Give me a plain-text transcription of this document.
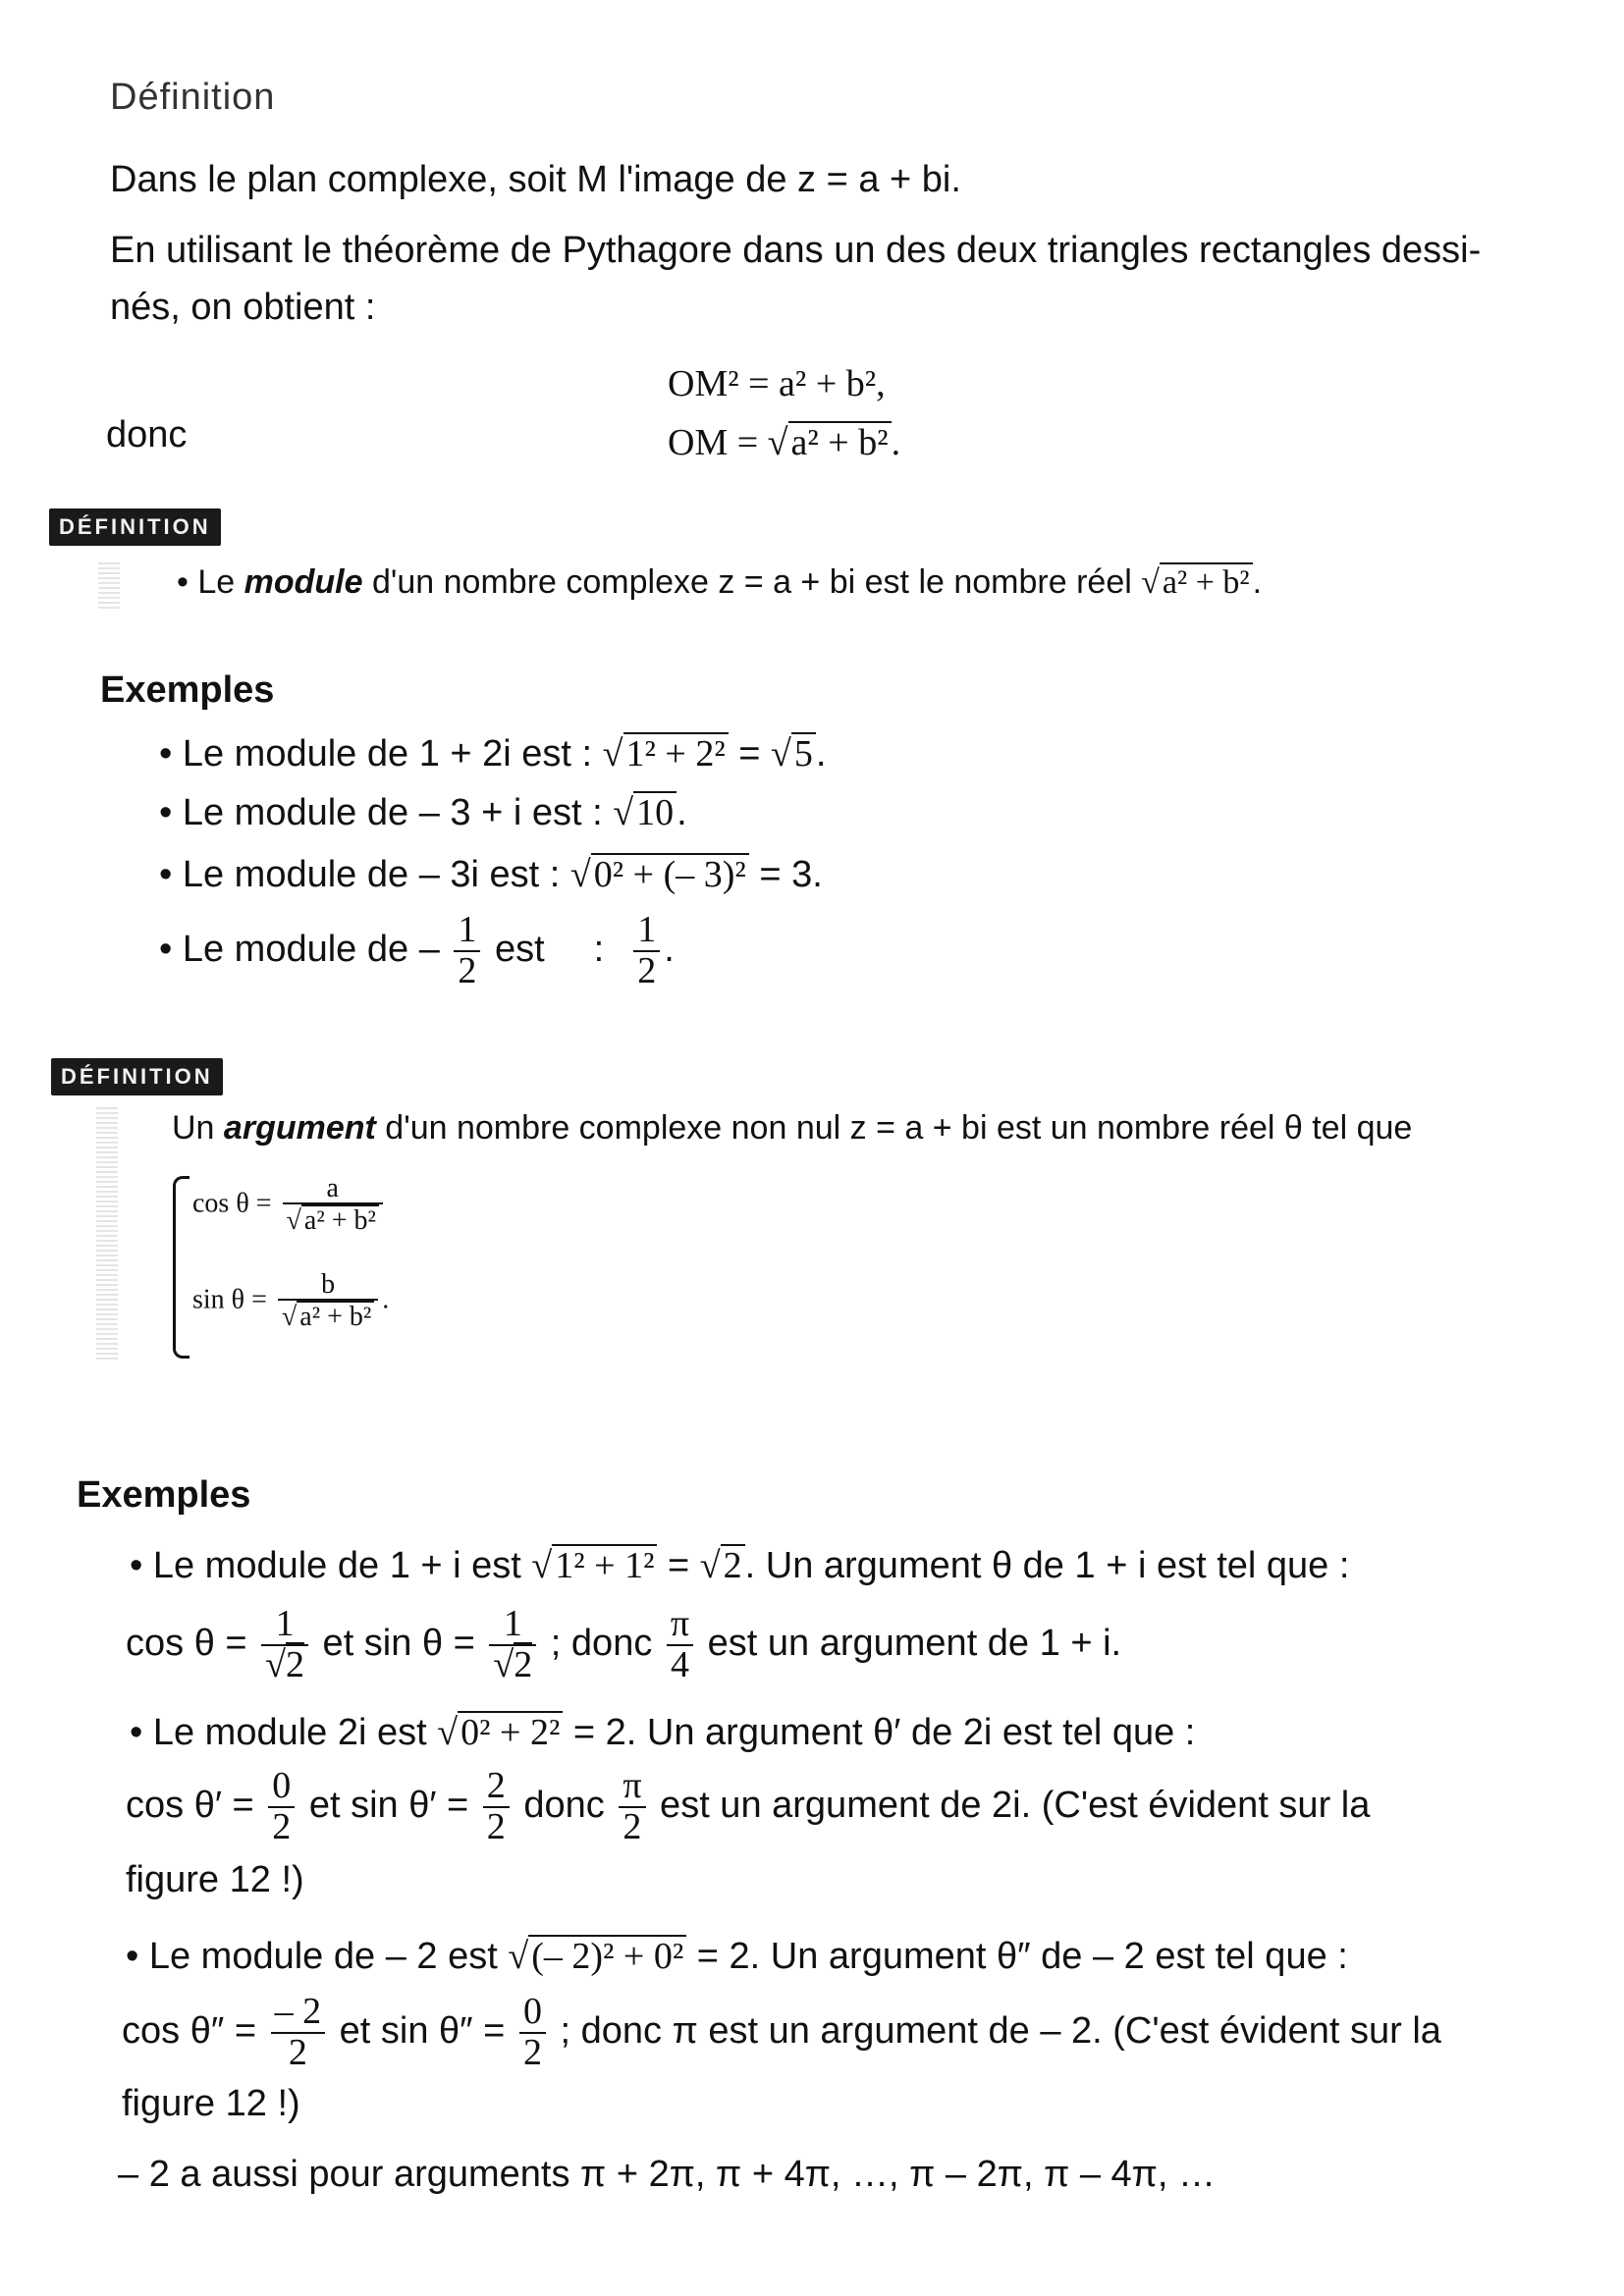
Définition
Dans le plan complexe, soit M l'image de z = a + bi.
En utilisant le théorème de Pythagore dans un des deux triangles rectangles dessi-
nés, on obtient :
OM² = a² + b²,
donc	OM = √a² + b².
DÉFINITION
• Le module d'un nombre complexe z = a + bi est le nombre réel √a² + b².
Exemples
• Le module de 1 + 2i est : √1² + 2² = √5.
• Le module de – 3 + i est : √10.
• Le module de – 3i est : √0² + (– 3)² = 3.
• Le module de – $\frac{1}{2}$ est : $\frac{1}{2}$ .
DÉFINITION
Un argument d'un nombre complexe non nul z = a + bi est un nombre réel θ tel que
$\cos \theta = \frac{a}{\text{√ a² + b²}}$
$\sin \theta = \frac{b}{\text{√ a² + b²}}$ .
Exemples
• Le module de 1 + i est √1² + 1² = √2. Un argument θ de 1 + i est tel que :
$\cos \theta = \frac{1}{√2}$ et $\sin \theta = \frac{1}{√2}$ ; donc $\frac{\pi}{4}$ est un argument de 1 + i.
• Le module 2i est √0² + 2² = 2. Un argument θ′ de 2i est tel que :
$\cos \theta' = \frac{0}{2}$ et $\sin \theta' = \frac{2}{2}$ donc $\frac{\pi}{2}$ est un argument de 2i. (C'est évident sur la
figure 12 !)
• Le module de – 2 est √(– 2)² + 0² = 2. Un argument θ″ de – 2 est tel que :
$\cos \theta'' = \frac{- 2}{2}$ et $\sin \theta'' = \frac{0}{2}$ ; donc π est un argument de – 2. (C'est évident sur la
figure 12 !)
– 2 a aussi pour arguments π + 2π, π + 4π, …, π – 2π, π – 4π, …
